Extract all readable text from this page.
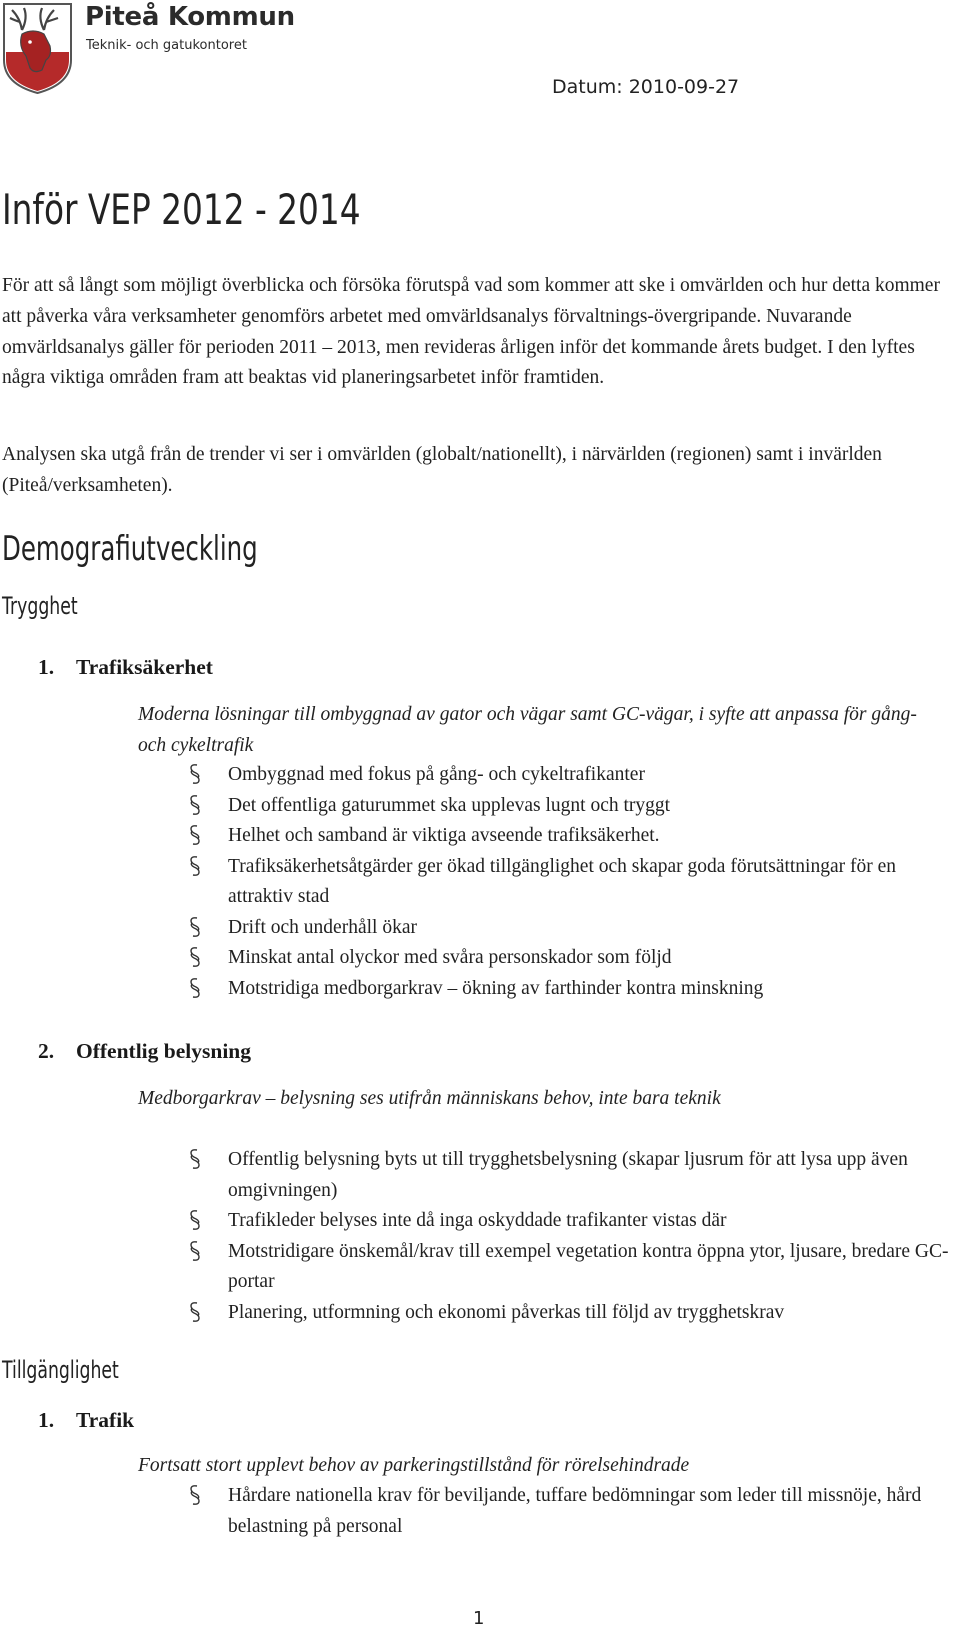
Piteå Kommun
Teknik- och gatukontoret
Datum: 2010-09-27
Inför VEP 2012 - 2014
För att så långt som möjligt överblicka och försöka förutspå vad som kommer att ske i omvärlden och hur detta kommer att påverka våra verksamheter genomförs arbetet med omvärldsanalys förvaltnings-övergripande. Nuvarande omvärldsanalys gäller för perioden 2011 – 2013, men revideras årligen inför det kommande årets budget. I den lyftes några viktiga områden fram att beaktas vid planeringsarbetet inför framtiden.
Analysen ska utgå från de trender vi ser i omvärlden (globalt/nationellt), i närvärlden (regionen) samt i invärlden (Piteå/verksamheten).
Demografiutveckling
Trygghet
1. Trafiksäkerhet
Moderna lösningar till ombyggnad av gator och vägar samt GC-vägar, i syfte att anpassa för gång- och cykeltrafik
Ombyggnad med fokus på gång- och cykeltrafikanter
Det offentliga gaturummet ska upplevas lugnt och tryggt
Helhet och samband är viktiga avseende trafiksäkerhet.
Trafiksäkerhetsåtgärder ger ökad tillgänglighet och skapar goda förutsättningar för en attraktiv stad
Drift och underhåll ökar
Minskat antal olyckor med svåra personskador som följd
Motstridiga medborgarkrav – ökning av farthinder kontra minskning
2. Offentlig belysning
Medborgarkrav – belysning ses utifrån människans behov, inte bara teknik
Offentlig belysning byts ut till trygghetsbelysning (skapar ljusrum för att lysa upp även omgivningen)
Trafikleder belyses inte då inga oskyddade trafikanter vistas där
Motstridigare önskemål/krav till exempel vegetation kontra öppna ytor, ljusare, bredare GC-portar
Planering, utformning och ekonomi påverkas till följd av trygghetskrav
Tillgänglighet
1. Trafik
Fortsatt stort upplevt behov av parkeringstillstånd för rörelsehindrade
Hårdare nationella krav för beviljande, tuffare bedömningar som leder till missnöje, hård belastning på personal
1
